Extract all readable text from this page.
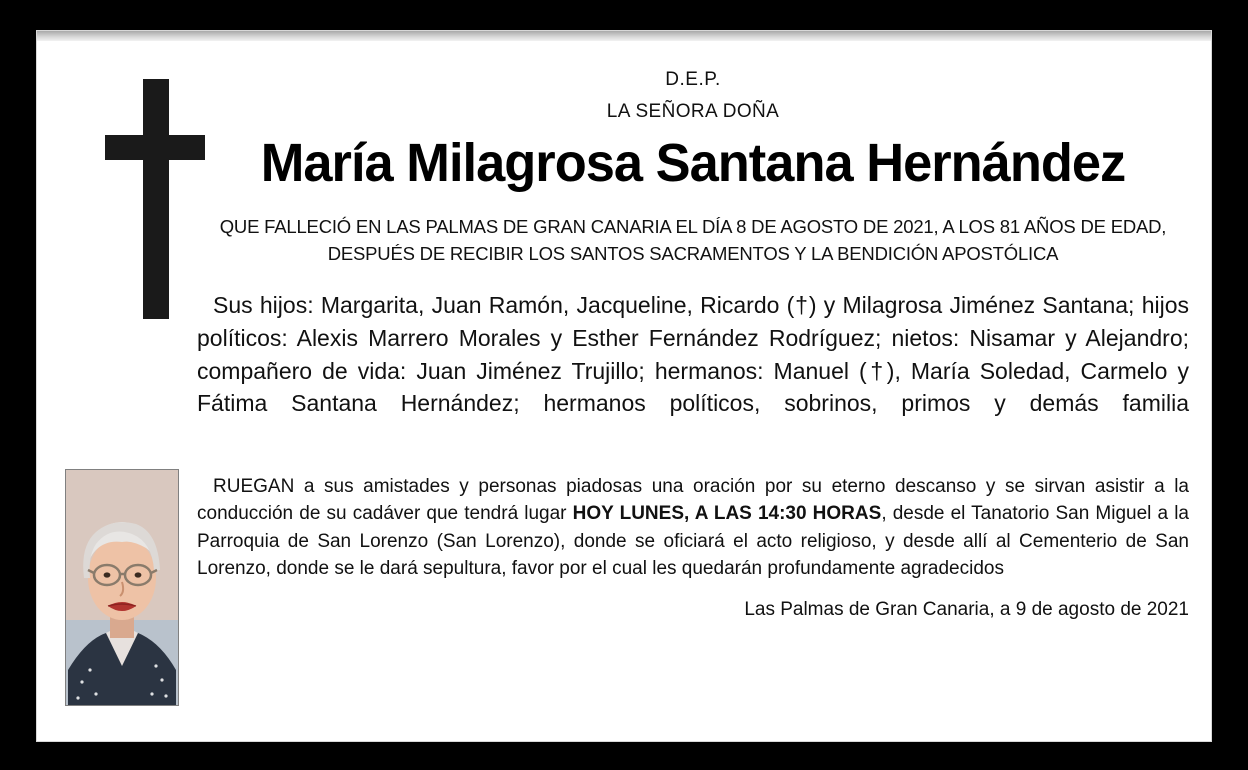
D.E.P.
LA SEÑORA DOÑA
María Milagrosa Santana Hernández
QUE FALLECIÓ EN LAS PALMAS DE GRAN CANARIA EL DÍA 8 DE AGOSTO DE 2021, A LOS 81 AÑOS DE EDAD, DESPUÉS DE RECIBIR LOS SANTOS SACRAMENTOS Y LA BENDICIÓN APOSTÓLICA
Sus hijos: Margarita, Juan Ramón, Jacqueline, Ricardo (†) y Milagrosa Jiménez Santana; hijos políticos: Alexis Marrero Morales y Esther Fernández Rodríguez; nietos: Nisamar y Alejandro; compañero de vida: Juan Jiménez Trujillo; hermanos: Manuel (†), María Soledad, Carmelo y Fátima Santana Hernández; hermanos políticos, sobrinos, primos y demás familia
RUEGAN a sus amistades y personas piadosas una oración por su eterno descanso y se sirvan asistir a la conducción de su cadáver que tendrá lugar HOY LUNES, A LAS 14:30 HORAS, desde el Tanatorio San Miguel a la Parroquia de San Lorenzo (San Lorenzo), donde se oficiará el acto religioso, y desde allí al Cementerio de San Lorenzo, donde se le dará sepultura, favor por el cual les quedarán profundamente agradecidos
Las Palmas de Gran Canaria, a 9 de agosto de 2021
